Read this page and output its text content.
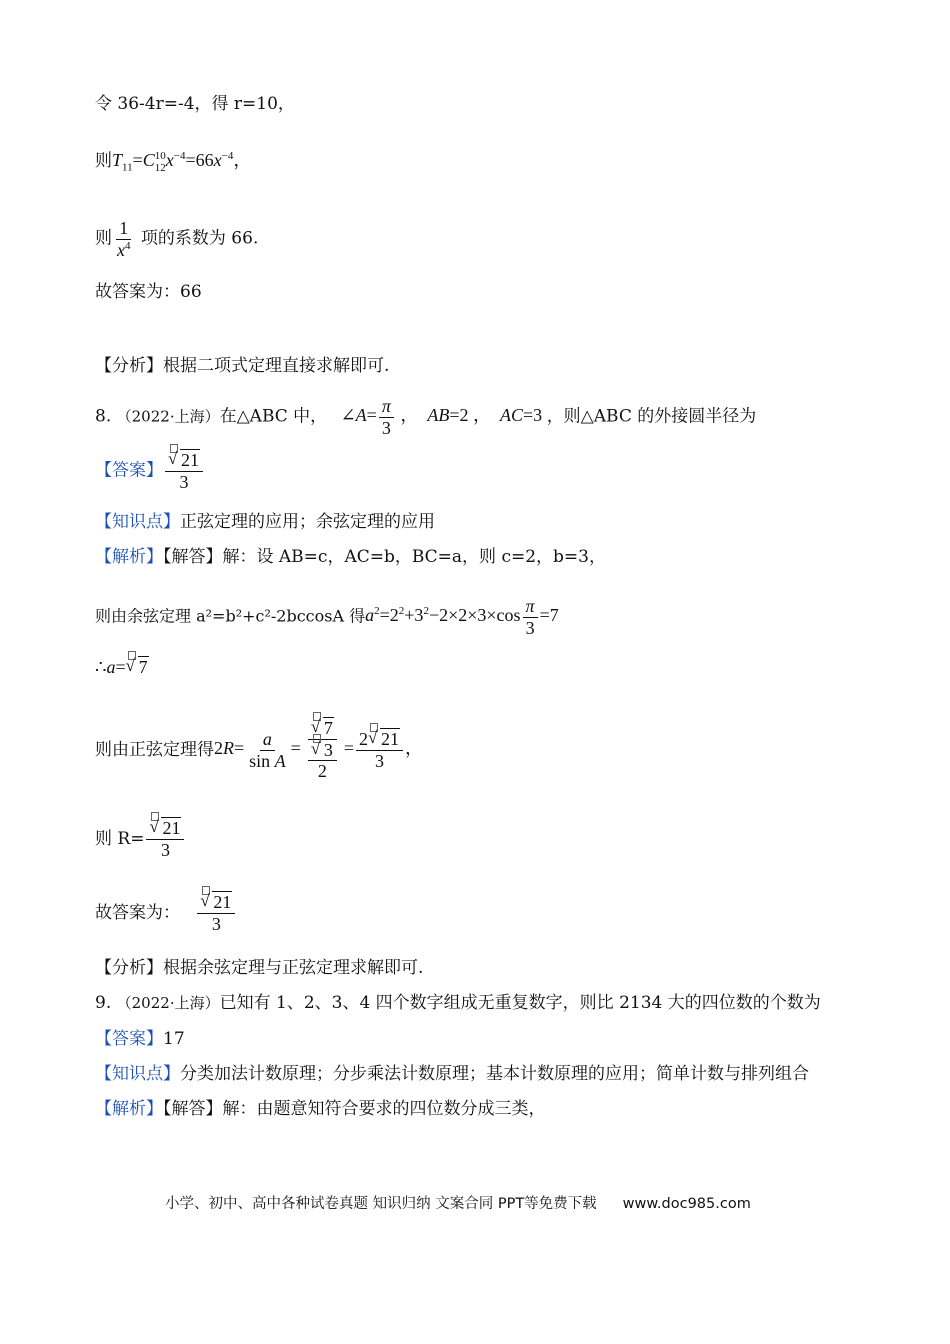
令 36-4r=-4，得 r=10，
则$T_{11}=C$ 10
12 $x^{-4}=66x^{-4}$，
则 $\frac{1}{x^4}$ 项的系数为 66.
故答案为：66
【分析】根据二项式定理直接求解即可.
8. （2022·上海）在△ABC 中， ∠A= $\frac{\pi}{3}$ ，  AB=2 ，  AC=3 ，则△ABC 的外接圆半径为
【答案】 $\frac{√ 21}{3}$
【知识点】正弦定理的应用；余弦定理的应用
【解析】【解答】解：设 AB=c，AC=b，BC=a，则 c=2，b=3，
则由余弦定理 a²=b²+c²-2bccosA 得$a^2=2^2+3^2-2\times 2\times 3\times\cos \frac{\pi}{3} =7$
∴a= √ 7
则由正弦定理得$2R= \frac{a}{\text{sin A}} = \frac{√ 7}{\frac{√ 3}{2}} = \frac{2 √ 21}{3}$ ，
则 $R= \frac{√ 21}{3}$
故答案为： $\frac{√ 21}{3}$
【分析】根据余弦定理与正弦定理求解即可.
9. （2022·上海）已知有 1、2、3、4 四个数字组成无重复数字，则比 2134 大的四位数的个数为
【答案】17
【知识点】分类加法计数原理；分步乘法计数原理；基本计数原理的应用；简单计数与排列组合
【解析】【解答】解：由题意知符合要求的四位数分成三类，
小学、初中、高中各种试卷真题 知识归纳 文案合同 PPT等免费下载 www.doc985.com
